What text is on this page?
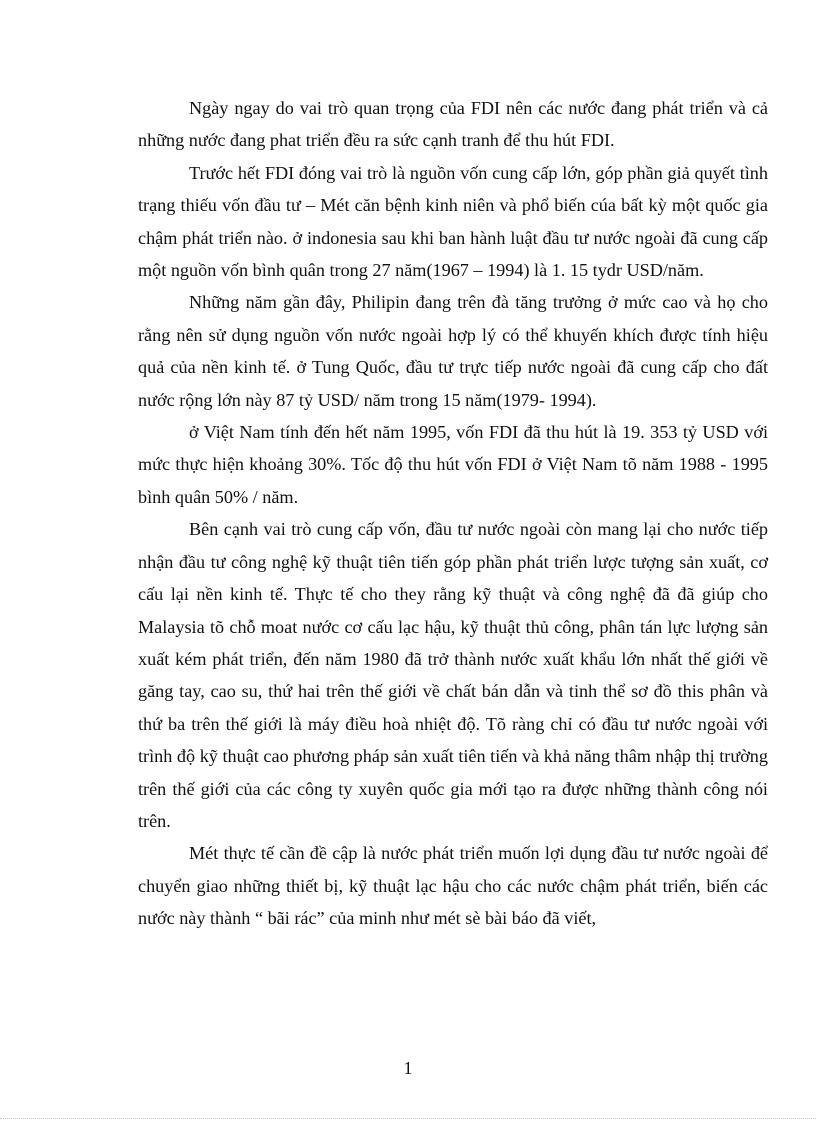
Ngày ngay do vai trò quan trọng của FDI nên các nước đang phát triển và cả những nước đang phat triển đều ra sức cạnh tranh để thu hút FDI.

Trước hết FDI đóng vai trò là nguồn vốn cung cấp lớn, góp phần giả quyết tình trạng thiếu vốn đầu tư – Mét căn bệnh kinh niên và phổ biến cúa bất kỳ một quốc gia chậm phát triển nào. ở indonesia sau khi ban hành luật đầu tư nước ngoài đã cung cấp một nguồn vốn bình quân trong 27 năm(1967 – 1994) là 1. 15 tydr USD/năm.

Những năm gần đây, Philipin đang trên đà tăng trưởng ở mức cao và họ cho rằng nên sử dụng nguồn vốn nước ngoài hợp lý có thể khuyến khích được tính hiệu quả của nền kinh tế. ở Tung Quốc, đầu tư trực tiếp nước ngoài đã cung cấp cho đất nước rộng lớn này 87 tỷ USD/ năm trong 15 năm(1979- 1994).

ở Việt Nam tính đến hết năm 1995, vốn FDI đã thu hút là 19. 353 tỷ USD với mức thực hiện khoảng 30%. Tốc độ thu hút vốn FDI ở Việt Nam tõ năm 1988 - 1995 bình quân 50% / năm.

Bên cạnh vai trò cung cấp vốn, đầu tư nước ngoài còn mang lại cho nước tiếp nhận đầu tư công nghệ kỹ thuật tiên tiến góp phần phát triển lược tượng sản xuất, cơ cấu lại nền kinh tế. Thực tế cho they rằng kỹ thuật và công nghệ đã đã giúp cho Malaysia tõ chỗ moat nước cơ cấu lạc hậu, kỹ thuật thủ công, phân tán lực lượng sản xuất kém phát triển, đến năm 1980 đã trở thành nước xuất khẩu lớn nhất thế giới về găng tay, cao su, thứ hai trên thế giới về chất bán dẫn và tinh thể sơ đồ this phân và thứ ba trên thế giới là máy điều hoà nhiệt độ. Tõ ràng chỉ có đầu tư nước ngoài với trình độ kỹ thuật cao phương pháp sản xuất tiên tiến và khả năng thâm nhập thị trường trên thế giới của các công ty xuyên quốc gia mới tạo ra được những thành công nói trên.

Mét thực tế cần đề cập là nước phát triển muốn lợi dụng đầu tư nước ngoài để chuyển giao những thiết bị, kỹ thuật lạc hậu cho các nước chậm phát triển, biến các nước này thành “ bãi rác” của minh như mét sè bài báo đã viết,

1
